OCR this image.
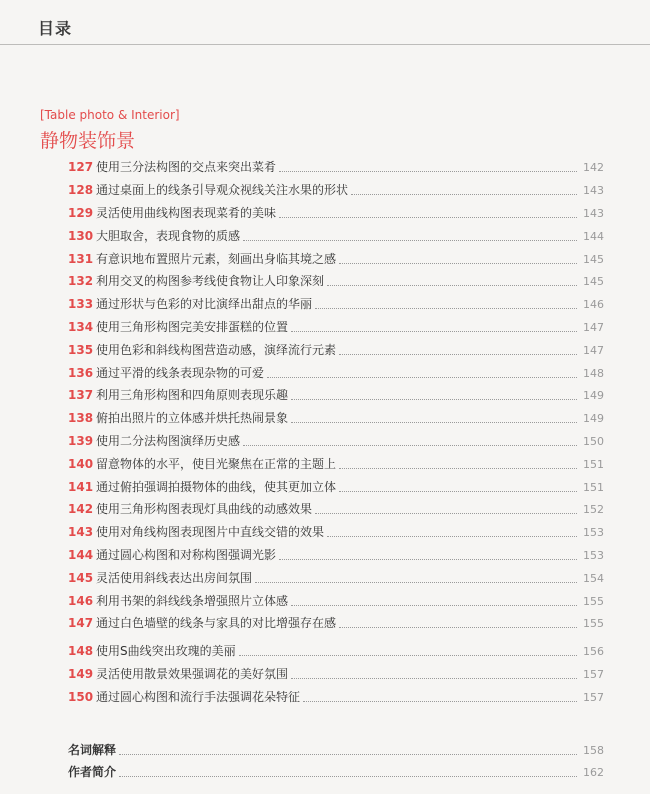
目录
[Table photo & Interior]
静物装饰景
127 使用三分法构图的交点来突出菜肴	142
128 通过桌面上的线条引导观众视线关注水果的形状	143
129 灵活使用曲线构图表现菜肴的美味	143
130 大胆取舍，表现食物的质感	144
131 有意识地布置照片元素，刻画出身临其境之感	145
132 利用交叉的构图参考线使食物让人印象深刻	145
133 通过形状与色彩的对比演绎出甜点的华丽	146
134 使用三角形构图完美安排蛋糕的位置	147
135 使用色彩和斜线构图营造动感，演绎流行元素	147
136 通过平滑的线条表现杂物的可爱	148
137 利用三角形构图和四角原则表现乐趣	149
138 俯拍出照片的立体感并烘托热闹景象	149
139 使用二分法构图演绎历史感	150
140 留意物体的水平，使目光聚焦在正常的主题上	151
141 通过俯拍强调拍摄物体的曲线，使其更加立体	151
142 使用三角形构图表现灯具曲线的动感效果	152
143 使用对角线构图表现图片中直线交错的效果	153
144 通过圆心构图和对称构图强调光影	153
145 灵活使用斜线表达出房间氛围	154
146 利用书架的斜线线条增强照片立体感	155
147 通过白色墙壁的线条与家具的对比增强存在感	155
148 使用S曲线突出玫瑰的美丽	156
149 灵活使用散景效果强调花的美好氛围	157
150 通过圆心构图和流行手法强调花朵特征	157
名词解释	158
作者简介	162
